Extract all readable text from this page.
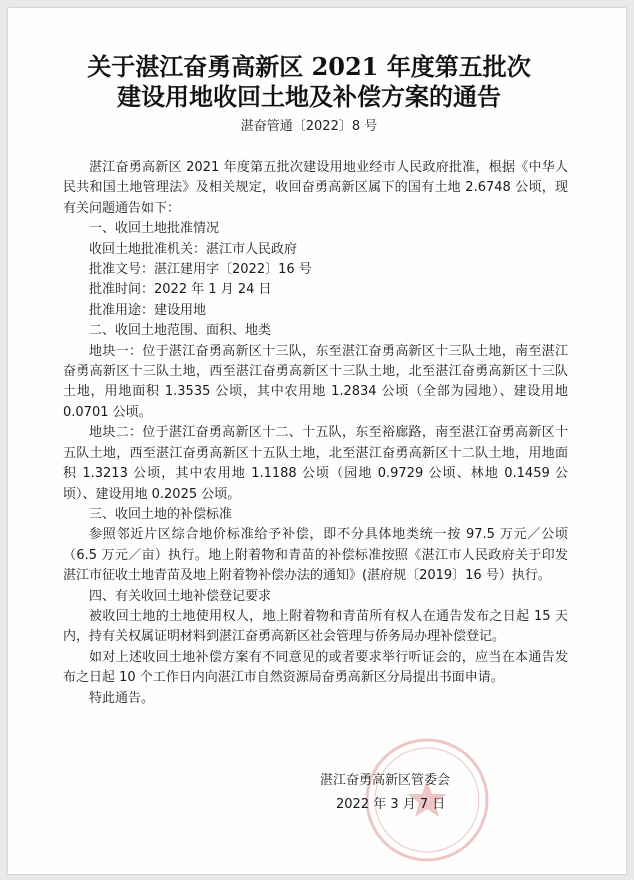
关于湛江奋勇高新区 2021 年度第五批次
建设用地收回土地及补偿方案的通告
湛奋管通〔2022〕8 号

湛江奋勇高新区 2021 年度第五批次建设用地业经市人民政府批准，根据《中华人民共和国土地管理法》及相关规定，收回奋勇高新区属下的国有土地 2.6748 公顷，现有关问题通告如下：

一、收回土地批准情况

收回土地批准机关：湛江市人民政府

批准文号：湛江建用字〔2022〕16 号

批准时间：2022 年 1 月 24 日

批准用途：建设用地

二、收回土地范围、面积、地类

地块一：位于湛江奋勇高新区十三队，东至湛江奋勇高新区十三队土地，南至湛江奋勇高新区十三队土地，西至湛江奋勇高新区十三队土地，北至湛江奋勇高新区十三队土地，用地面积 1.3535 公顷，其中农用地 1.2834 公顷（全部为园地）、建设用地 0.0701 公顷。

地块二：位于湛江奋勇高新区十二、十五队，东至裕廊路，南至湛江奋勇高新区十五队土地，西至湛江奋勇高新区十五队土地，北至湛江奋勇高新区十二队土地，用地面积 1.3213 公顷，其中农用地 1.1188 公顷（园地 0.9729 公顷、林地 0.1459 公顷）、建设用地 0.2025 公顷。

三、收回土地的补偿标准

参照邻近片区综合地价标准给予补偿，即不分具体地类统一按 97.5 万元／公顷（6.5 万元／亩）执行。地上附着物和青苗的补偿标准按照《湛江市人民政府关于印发湛江市征收土地青苗及地上附着物补偿办法的通知》(湛府规〔2019〕16 号）执行。

四、有关收回土地补偿登记要求

被收回土地的土地使用权人，地上附着物和青苗所有权人在通告发布之日起 15 天内，持有关权属证明材料到湛江奋勇高新区社会管理与侨务局办理补偿登记。

如对上述收回土地补偿方案有不同意见的或者要求举行听证会的，应当在本通告发布之日起 10 个工作日内向湛江市自然资源局奋勇高新区分局提出书面申请。

特此通告。

湛江奋勇高新区管委会
2022 年 3 月 7 日
